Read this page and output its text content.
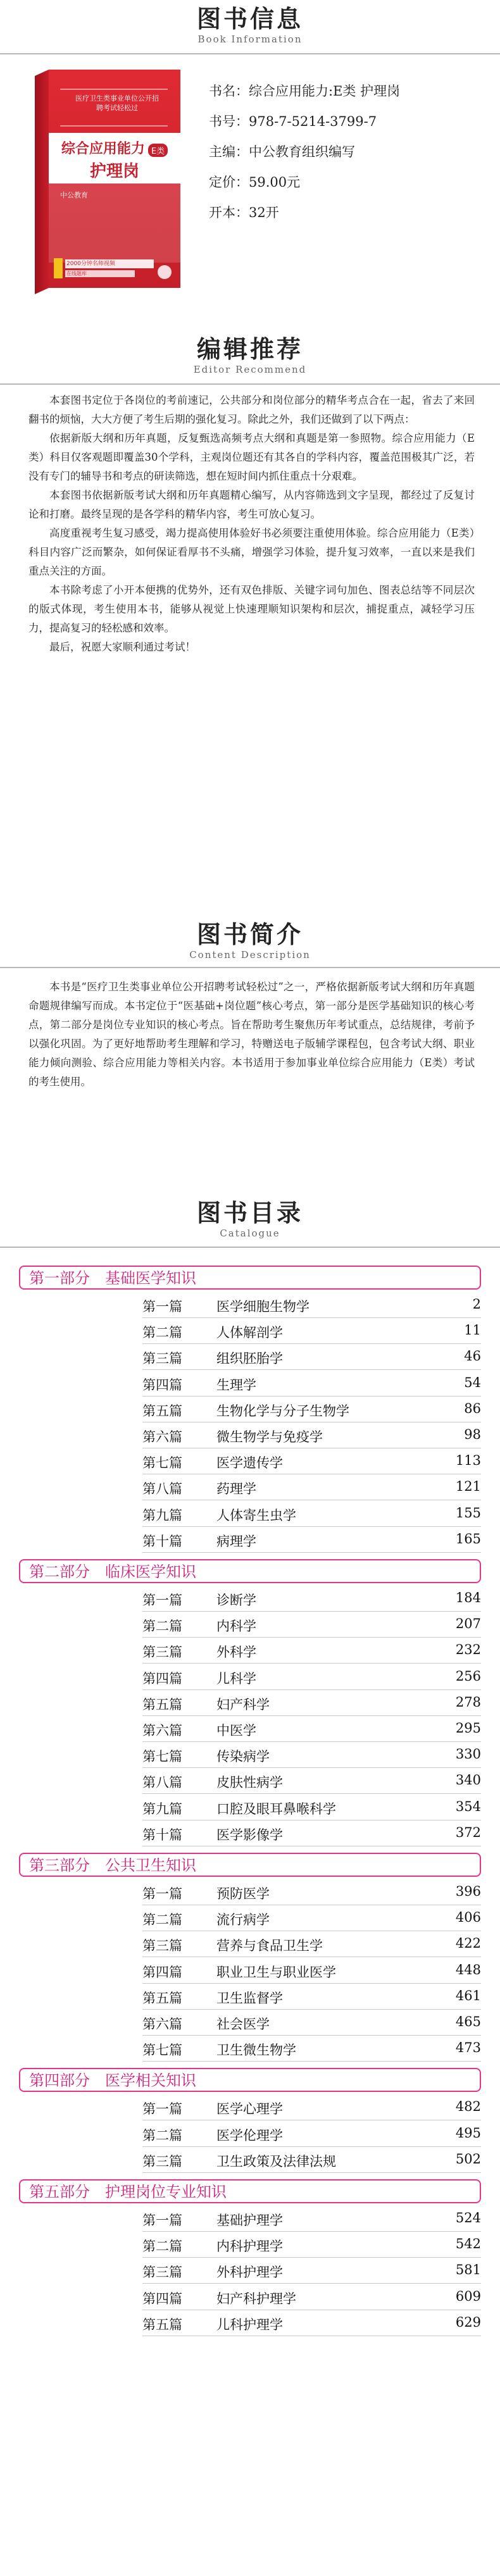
图书信息
Book Information
医疗卫生类事业单位公开招聘考试轻松过
综合应用能力 E类
护理岗
中公教育
2000分钟名师视频
在线题库
书名：综合应用能力:E类 护理岗
书号：978-7-5214-3799-7
主编：中公教育组织编写
定价：59.00元
开本：32开
编辑推荐
Editor Recommend

本套图书定位于各岗位的考前速记，公共部分和岗位部分的精华考点合在一起，省去了来回翻书的烦恼，大大方便了考生后期的强化复习。除此之外，我们还做到了以下两点：

依据新版大纲和历年真题，反复甄选高频考点大纲和真题是第一参照物。综合应用能力（E类）科目仅客观题即覆盖30个学科，主观岗位题还有其各自的学科内容，覆盖范围极其广泛，若没有专门的辅导书和考点的研读筛选，想在短时间内抓住重点十分艰难。

本套图书依据新版考试大纲和历年真题精心编写，从内容筛选到文字呈现，都经过了反复讨论和打磨。最终呈现的是各学科的精华内容，考生可放心复习。

高度重视考生复习感受，竭力提高使用体验好书必须要注重使用体验。综合应用能力（E类）科目内容广泛而繁杂，如何保证看厚书不头痛，增强学习体验，提升复习效率，一直以来是我们重点关注的方面。

本书除考虑了小开本便携的优势外，还有双色排版、关键字词句加色、图表总结等不同层次的版式体现，考生使用本书，能够从视觉上快速理顺知识架构和层次，捕捉重点，减轻学习压力，提高复习的轻松感和效率。

最后，祝愿大家顺利通过考试！

图书简介
Content Description

本书是“医疗卫生类事业单位公开招聘考试轻松过”之一，严格依据新版考试大纲和历年真题命题规律编写而成。本书定位于“医基础+岗位题”核心考点，第一部分是医学基础知识的核心考点，第二部分是岗位专业知识的核心考点。旨在帮助考生聚焦历年考试重点，总结规律，考前予以强化巩固。为了更好地帮助考生理解和学习，特赠送电子版辅学课程包，包含考试大纲、职业能力倾向测验、综合应用能力等相关内容。本书适用于参加事业单位综合应用能力（E类）考试的考生使用。

图书目录
Catalogue
第一部分　基础医学知识
第一篇	医学细胞生物学	2
第二篇	人体解剖学	11
第三篇	组织胚胎学	46
第四篇	生理学	54
第五篇	生物化学与分子生物学	86
第六篇	微生物学与免疫学	98
第七篇	医学遗传学	113
第八篇	药理学	121
第九篇	人体寄生虫学	155
第十篇	病理学	165
第二部分　临床医学知识
第一篇	诊断学	184
第二篇	内科学	207
第三篇	外科学	232
第四篇	儿科学	256
第五篇	妇产科学	278
第六篇	中医学	295
第七篇	传染病学	330
第八篇	皮肤性病学	340
第九篇	口腔及眼耳鼻喉科学	354
第十篇	医学影像学	372
第三部分　公共卫生知识
第一篇	预防医学	396
第二篇	流行病学	406
第三篇	营养与食品卫生学	422
第四篇	职业卫生与职业医学	448
第五篇	卫生监督学	461
第六篇	社会医学	465
第七篇	卫生微生物学	473
第四部分　医学相关知识
第一篇	医学心理学	482
第二篇	医学伦理学	495
第三篇	卫生政策及法律法规	502
第五部分　护理岗位专业知识
第一篇	基础护理学	524
第二篇	内科护理学	542
第三篇	外科护理学	581
第四篇	妇产科护理学	609
第五篇	儿科护理学	629
